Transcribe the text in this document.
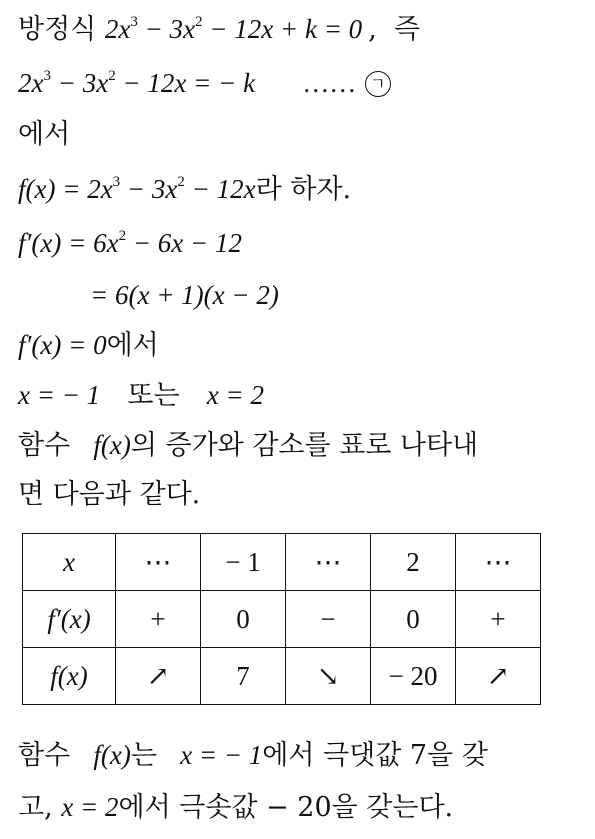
방정식 $2x^3 - 3x^2 - 12x + k = 0$ ,  즉
$2x^3 - 3x^2 - 12x$ = − k …… ㄱ
에서
$f(x) = 2x^3 - 3x^2 - 12x$라 하자.
$f'(x) = 6x^2 - 6x - 12$
= 6(x + 1)(x − 2)
f′(x) = 0에서
x = − 1 또는 x = 2
함수 f(x)의 증가와 감소를 표로 나타내
면 다음과 같다.
x	⋯	− 1	⋯	2	⋯
f′(x)	+	0	−	0	+
f(x)	↗	7	↘	− 20	↗
함수 f(x)는 x = − 1에서 극댓값 7을 갖
고, x = 2에서 극솟값 − 20을 갖는다.
